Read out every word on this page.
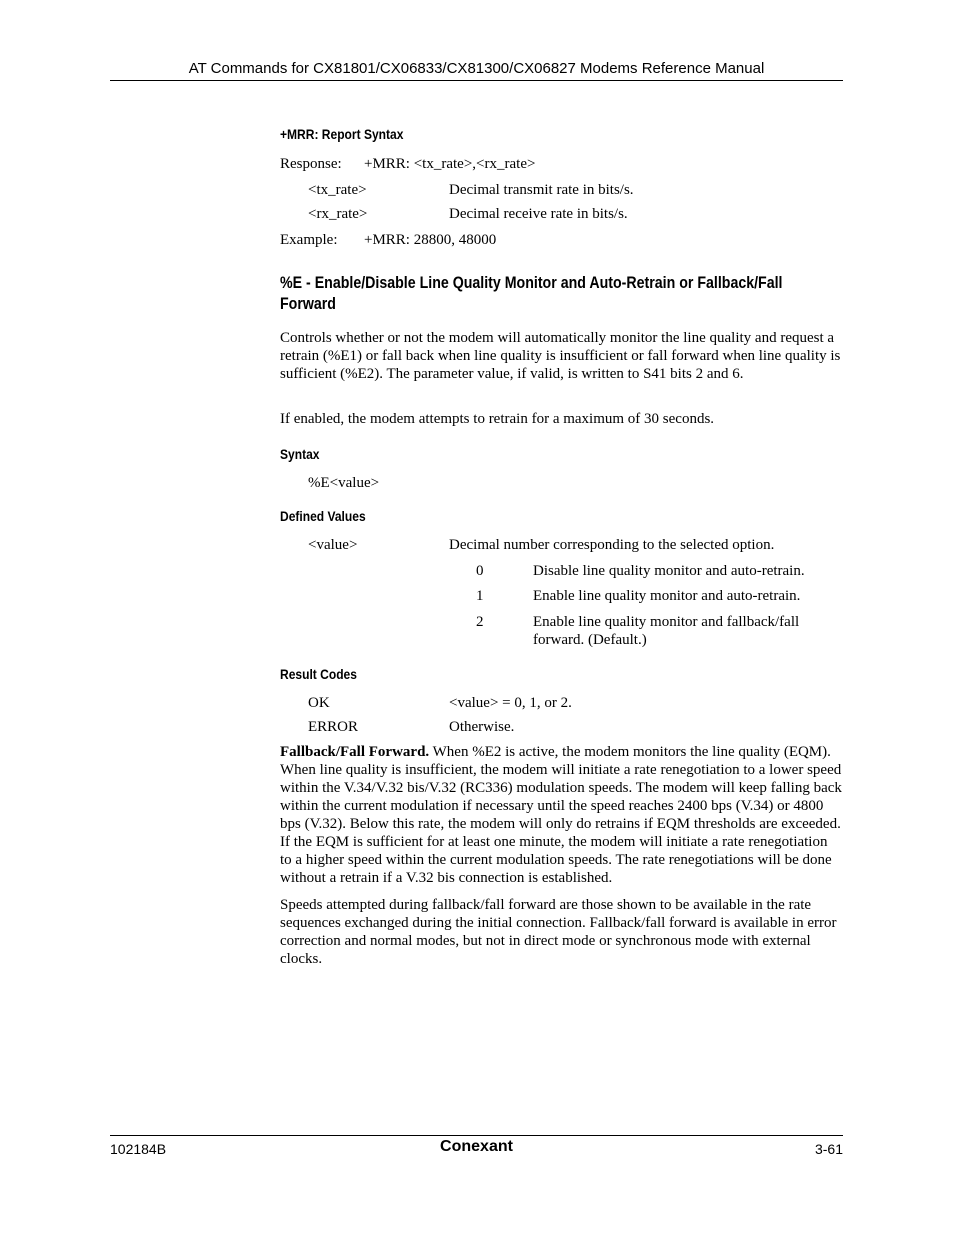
AT Commands for CX81801/CX06833/CX81300/CX06827 Modems Reference Manual
+MRR: Report Syntax
Response: +MRR: <tx_rate>,<rx_rate>
<tx_rate>	Decimal transmit rate in bits/s.
<rx_rate>	Decimal receive rate in bits/s.
Example: +MRR: 28800, 48000
%E - Enable/Disable Line Quality Monitor and Auto-Retrain or Fallback/Fall
Forward
Controls whether or not the modem will automatically monitor the line quality and request a retrain (%E1) or fall back when line quality is insufficient or fall forward when line quality is sufficient (%E2). The parameter value, if valid, is written to S41 bits 2 and 6.
If enabled, the modem attempts to retrain for a maximum of 30 seconds.
Syntax
%E<value>
Defined Values
<value>	Decimal number corresponding to the selected option.
0	Disable line quality monitor and auto-retrain.
1	Enable line quality monitor and auto-retrain.
2	Enable line quality monitor and fallback/fall
forward. (Default.)
Result Codes
OK	<value> = 0, 1, or 2.
ERROR	Otherwise.
Fallback/Fall Forward. When %E2 is active, the modem monitors the line quality (EQM). When line quality is insufficient, the modem will initiate a rate renegotiation to a lower speed within the V.34/V.32 bis/V.32 (RC336) modulation speeds. The modem will keep falling back within the current modulation if necessary until the speed reaches 2400 bps (V.34) or 4800 bps (V.32). Below this rate, the modem will only do retrains if EQM thresholds are exceeded. If the EQM is sufficient for at least one minute, the modem will initiate a rate renegotiation to a higher speed within the current modulation speeds. The rate renegotiations will be done without a retrain if a V.32 bis connection is established.
Speeds attempted during fallback/fall forward are those shown to be available in the rate sequences exchanged during the initial connection. Fallback/fall forward is available in error correction and normal modes, but not in direct mode or synchronous mode with external clocks.
102184B	Conexant	3-61
